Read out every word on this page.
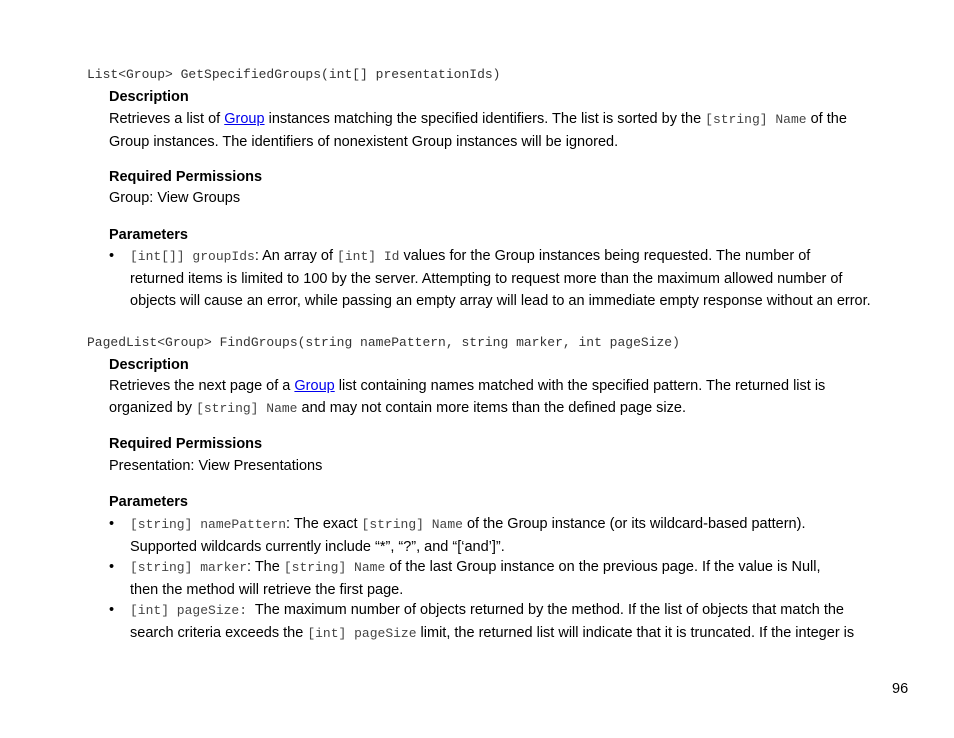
List<Group> GetSpecifiedGroups(int[] presentationIds)
Description
Retrieves a list of Group instances matching the specified identifiers. The list is sorted by the [string] Name of the
Group instances. The identifiers of nonexistent Group instances will be ignored.
Required Permissions
Group: View Groups
Parameters
• [int[]] groupIds: An array of [int] Id values for the Group instances being requested. The number of
returned items is limited to 100 by the server. Attempting to request more than the maximum allowed number of
objects will cause an error, while passing an empty array will lead to an immediate empty response without an error.
PagedList<Group> FindGroups(string namePattern, string marker, int pageSize)
Description
Retrieves the next page of a Group list containing names matched with the specified pattern. The returned list is
organized by [string] Name and may not contain more items than the defined page size.
Required Permissions
Presentation: View Presentations
Parameters
• [string] namePattern: The exact [string] Name of the Group instance (or its wildcard-based pattern).
Supported wildcards currently include “*”, “?”, and “[‘and’]”.
• [string] marker: The [string] Name of the last Group instance on the previous page. If the value is Null,
then the method will retrieve the first page.
• [int] pageSize:  The maximum number of objects returned by the method. If the list of objects that match the
search criteria exceeds the [int] pageSize limit, the returned list will indicate that it is truncated. If the integer is
96
